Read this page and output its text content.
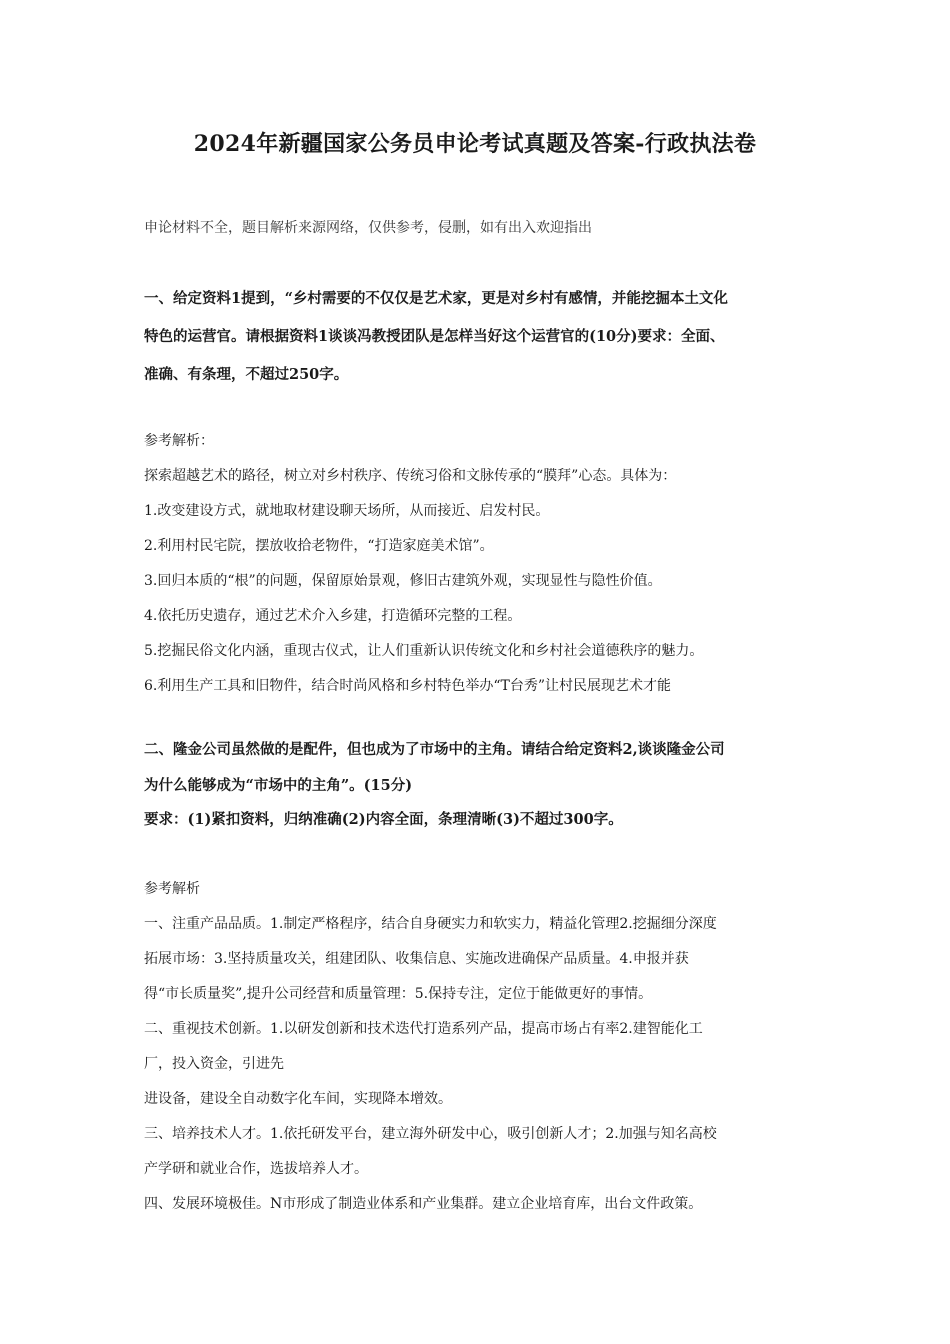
2024年新疆国家公务员申论考试真题及答案-行政执法卷
申论材料不全，题目解析来源网络，仅供参考，侵删，如有出入欢迎指出

一、给定资料1提到，“乡村需要的不仅仅是艺术家，更是对乡村有感情，并能挖掘本土文化

特色的运营官。请根据资料1谈谈冯教授团队是怎样当好这个运营官的(10分)要求：全面、

准确、有条理，不超过250字。

参考解析：

探索超越艺术的路径，树立对乡村秩序、传统习俗和文脉传承的“膜拜”心态。具体为：

1.改变建设方式，就地取材建设聊天场所，从而接近、启发村民。

2.利用村民宅院，摆放收拾老物件，“打造家庭美术馆”。

3.回归本质的“根”的问题，保留原始景观，修旧古建筑外观，实现显性与隐性价值。

4.依托历史遗存，通过艺术介入乡建，打造循环完整的工程。

5.挖掘民俗文化内涵，重现古仪式，让人们重新认识传统文化和乡村社会道德秩序的魅力。

6.利用生产工具和旧物件，结合时尚风格和乡村特色举办“T台秀”让村民展现艺术才能

二、隆金公司虽然做的是配件，但也成为了市场中的主角。请结合给定资料2,谈谈隆金公司

为什么能够成为“市场中的主角”。(15分)

要求：(1)紧扣资料，归纳准确(2)内容全面，条理清晰(3)不超过300字。

参考解析

一、注重产品品质。1.制定严格程序，结合自身硬实力和软实力，精益化管理2.挖掘细分深度

拓展市场：3.坚持质量攻关，组建团队、收集信息、实施改进确保产品质量。4.申报并获

得“市长质量奖”,提升公司经营和质量管理：5.保持专注，定位于能做更好的事情。

二、重视技术创新。1.以研发创新和技术迭代打造系列产品，提高市场占有率2.建智能化工

厂，投入资金，引进先

进设备，建设全自动数字化车间，实现降本增效。

三、培养技术人才。1.依托研发平台，建立海外研发中心，吸引创新人才；2.加强与知名高校

产学研和就业合作，选拔培养人才。

四、发展环境极佳。N市形成了制造业体系和产业集群。建立企业培育库，出台文件政策。
